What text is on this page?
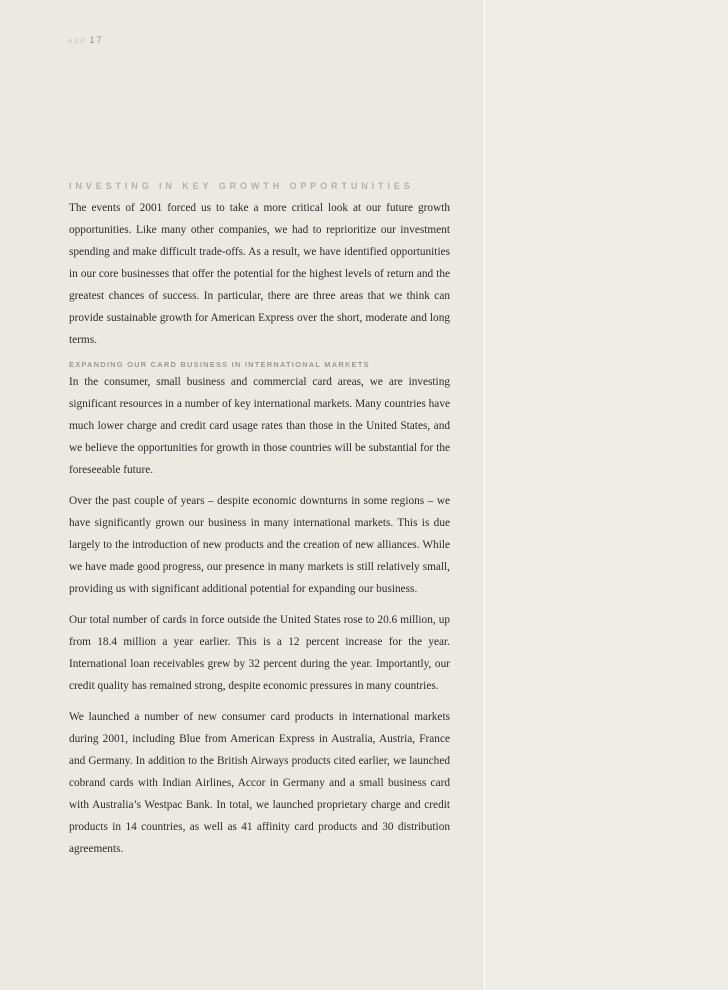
AXP 17
INVESTING IN KEY GROWTH OPPORTUNITIES

The events of 2001 forced us to take a more critical look at our future growth opportunities. Like many other companies, we had to reprioritize our investment spending and make difficult trade-offs. As a result, we have identified opportunities in our core businesses that offer the potential for the highest levels of return and the greatest chances of success. In particular, there are three areas that we think can provide sustainable growth for American Express over the short, moderate and long terms.

EXPANDING OUR CARD BUSINESS IN INTERNATIONAL MARKETS

In the consumer, small business and commercial card areas, we are investing significant resources in a number of key international markets. Many countries have much lower charge and credit card usage rates than those in the United States, and we believe the opportunities for growth in those countries will be substantial for the foreseeable future.

Over the past couple of years – despite economic downturns in some regions – we have significantly grown our business in many international markets. This is due largely to the introduction of new products and the creation of new alliances. While we have made good progress, our presence in many markets is still relatively small, providing us with significant additional potential for expanding our business.

Our total number of cards in force outside the United States rose to 20.6 million, up from 18.4 million a year earlier. This is a 12 percent increase for the year. International loan receivables grew by 32 percent during the year. Importantly, our credit quality has remained strong, despite economic pressures in many countries.

We launched a number of new consumer card products in international markets during 2001, including Blue from American Express in Australia, Austria, France and Germany. In addition to the British Airways products cited earlier, we launched cobrand cards with Indian Airlines, Accor in Germany and a small business card with Australia’s Westpac Bank. In total, we launched proprietary charge and credit products in 14 countries, as well as 41 affinity card products and 30 distribution agreements.
